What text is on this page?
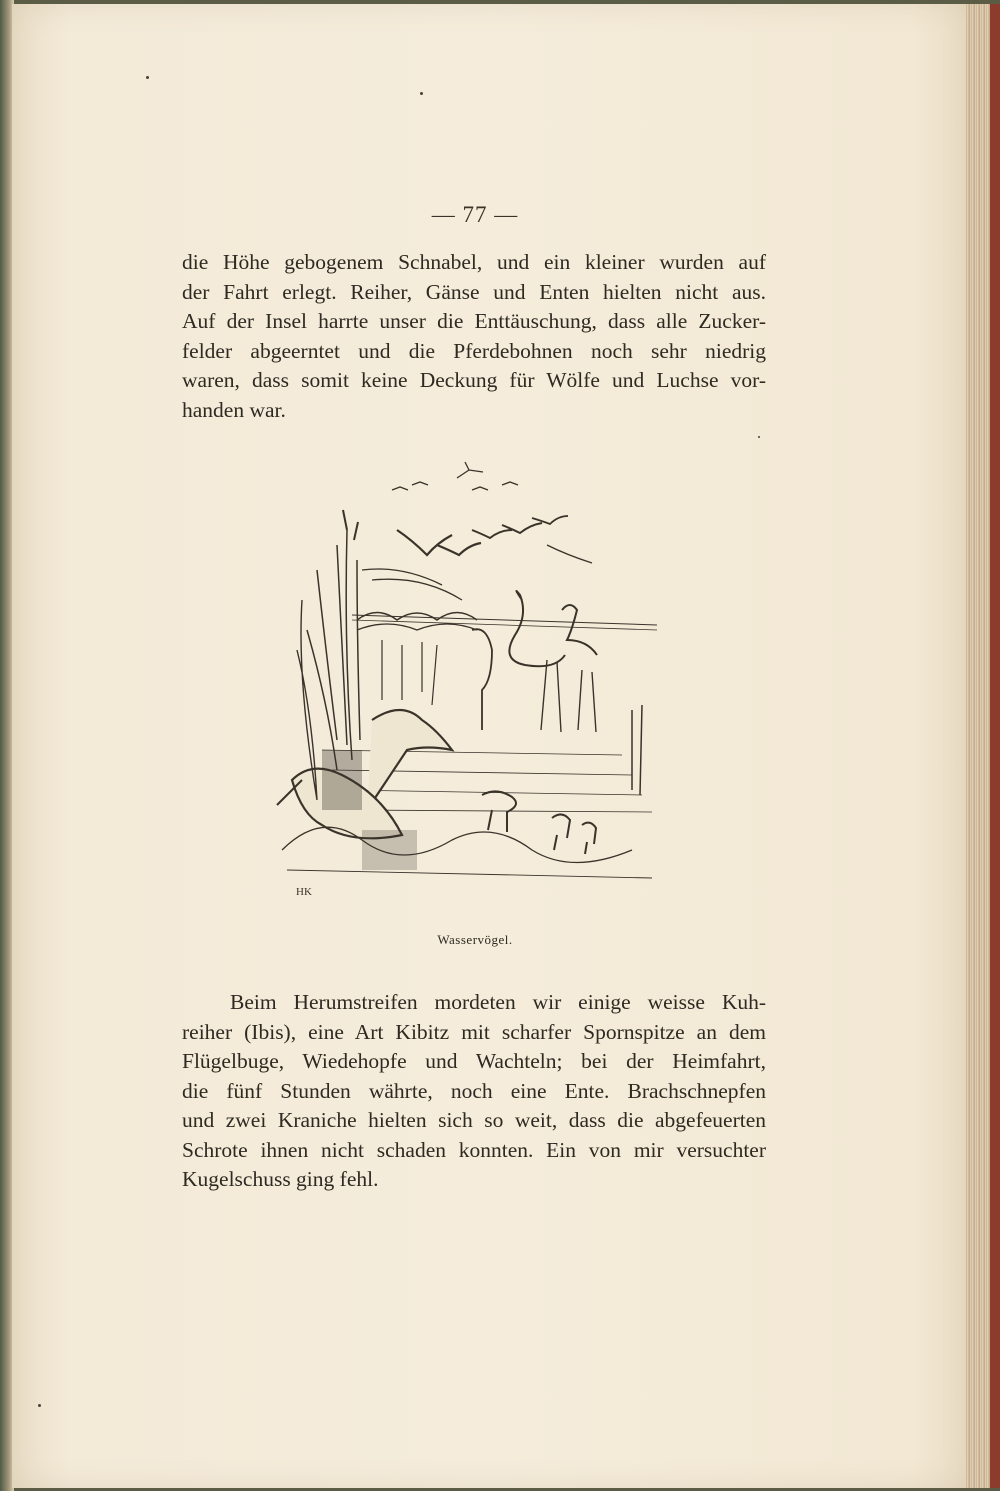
— 77 —

die Höhe gebogenem Schnabel, und ein kleiner wurden auf
der Fahrt erlegt. Reiher, Gänse und Enten hielten nicht aus.
Auf der Insel harrte unser die Enttäuschung, dass alle Zucker-
felder abgeerntet und die Pferdebohnen noch sehr niedrig
waren, dass somit keine Deckung für Wölfe und Luchse vor-
handen war.

HK
Wasservögel.

Beim Herumstreifen mordeten wir einige weisse Kuh-
reiher (Ibis), eine Art Kibitz mit scharfer Spornspitze an dem
Flügelbuge, Wiedehopfe und Wachteln; bei der Heimfahrt,
die fünf Stunden währte, noch eine Ente. Brachschnepfen
und zwei Kraniche hielten sich so weit, dass die abgefeuerten
Schrote ihnen nicht schaden konnten. Ein von mir versuchter
Kugelschuss ging fehl.
